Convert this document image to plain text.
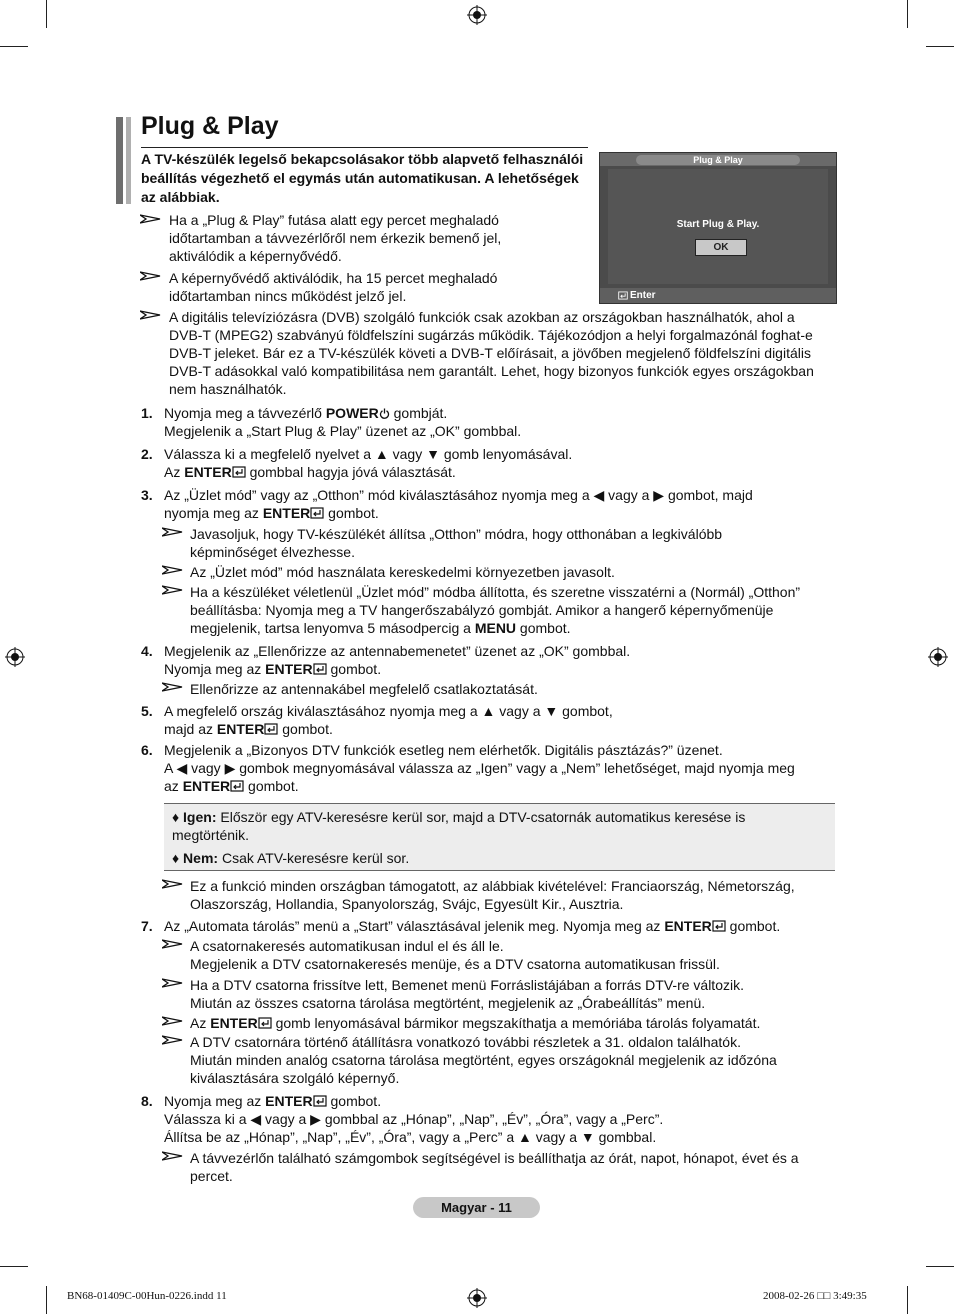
Plug & Play
A TV-készülék legelső bekapcsolásakor több alapvető felhasználói beállítás végezhető el egymás után automatikusan. A lehetőségek az alábbiak.
Plug & Play
Start Plug & Play.
OK
Enter
Ha a „Plug & Play” futása alatt egy percet meghaladó időtartamban a távvezérlőről nem érkezik bemenő jel, aktiválódik a képernyővédő.
A képernyővédő aktiválódik, ha 15 percet meghaladó időtartamban nincs működést jelző jel.
A digitális televíziózásra (DVB) szolgáló funkciók csak azokban az országokban használhatók, ahol a DVB-T (MPEG2) szabványú földfelszíni sugárzás működik. Tájékozódjon a helyi forgalmazónál foghat-e DVB-T jeleket. Bár ez a TV-készülék követi a DVB-T előírásait, a jövőben megjelenő földfelszíni digitális DVB-T adásokkal való kompatibilitása nem garantált. Lehet, hogy bizonyos funkciók egyes országokban nem használhatók.
1. Nyomja meg a távvezérlő POWER gombját.
Megjelenik a „Start Plug & Play” üzenet az „OK” gombbal.
2. Válassza ki a megfelelő nyelvet a ▲ vagy ▼ gomb lenyomásával.
Az ENTER gombbal hagyja jóvá választását.
3. Az „Üzlet mód” vagy az „Otthon” mód kiválasztásához nyomja meg a ◀ vagy a ▶ gombot, majd
nyomja meg az ENTER gombot.
Javasoljuk, hogy TV-készülékét állítsa „Otthon” módra, hogy otthonában a legkiválóbb képminőséget élvezhesse.
Az „Üzlet mód” mód használata kereskedelmi környezetben javasolt.
Ha a készüléket véletlenül „Üzlet mód” módba állította, és szeretne visszatérni a (Normál) „Otthon” beállításba: Nyomja meg a TV hangerőszabályzó gombját. Amikor a hangerő képernyőmenüje megjelenik, tartsa lenyomva 5 másodpercig a MENU gombot.
4. Megjelenik az „Ellenőrizze az antennabemenetet” üzenet az „OK” gombbal.
Nyomja meg az ENTER gombot.
Ellenőrizze az antennakábel megfelelő csatlakoztatását.
5. A megfelelő ország kiválasztásához nyomja meg a ▲ vagy a ▼ gombot,
majd az ENTER gombot.
6. Megjelenik a „Bizonyos DTV funkciók esetleg nem elérhetők. Digitális pásztázás?” üzenet.
A ◀ vagy ▶ gombok megnyomásával válassza az „Igen” vagy a „Nem” lehetőséget, majd nyomja meg
az ENTER gombot.
♦ Igen: Először egy ATV-keresésre kerül sor, majd a DTV-csatornák automatikus keresése is megtörténik.
♦ Nem: Csak ATV-keresésre kerül sor.
Ez a funkció minden országban támogatott, az alábbiak kivételével: Franciaország, Németország, Olaszország, Hollandia, Spanyolország, Svájc, Egyesült Kir., Ausztria.
7. Az „Automata tárolás” menü a „Start” választásával jelenik meg. Nyomja meg az ENTER gombot.
A csatornakeresés automatikusan indul el és áll le.
Megjelenik a DTV csatornakeresés menüje, és a DTV csatorna automatikusan frissül.
Ha a DTV csatorna frissítve lett, Bemenet menü Forráslistájában a forrás DTV-re változik.
Miután az összes csatorna tárolása megtörtént, megjelenik az „Órabeállítás” menü.
Az ENTER gomb lenyomásával bármikor megszakíthatja a memóriába tárolás folyamatát.
A DTV csatornára történő átállításra vonatkozó további részletek a 31. oldalon találhatók.
Miután minden analóg csatorna tárolása megtörtént, egyes országoknál megjelenik az időzóna kiválasztására szolgáló képernyő.
8. Nyomja meg az ENTER gombot.
Válassza ki a ◀ vagy a ▶ gombbal az „Hónap”, „Nap”, „Év”, „Óra”, vagy a „Perc”.
Állítsa be az „Hónap”, „Nap”, „Év”, „Óra”, vagy a „Perc” a ▲ vagy a ▼ gombbal.
A távvezérlőn található számgombok segítségével is beállíthatja az órát, napot, hónapot, évet és a percet.
Magyar - 11
BN68-01409C-00Hun-0226.indd 11	2008-02-26 □□ 3:49:35
